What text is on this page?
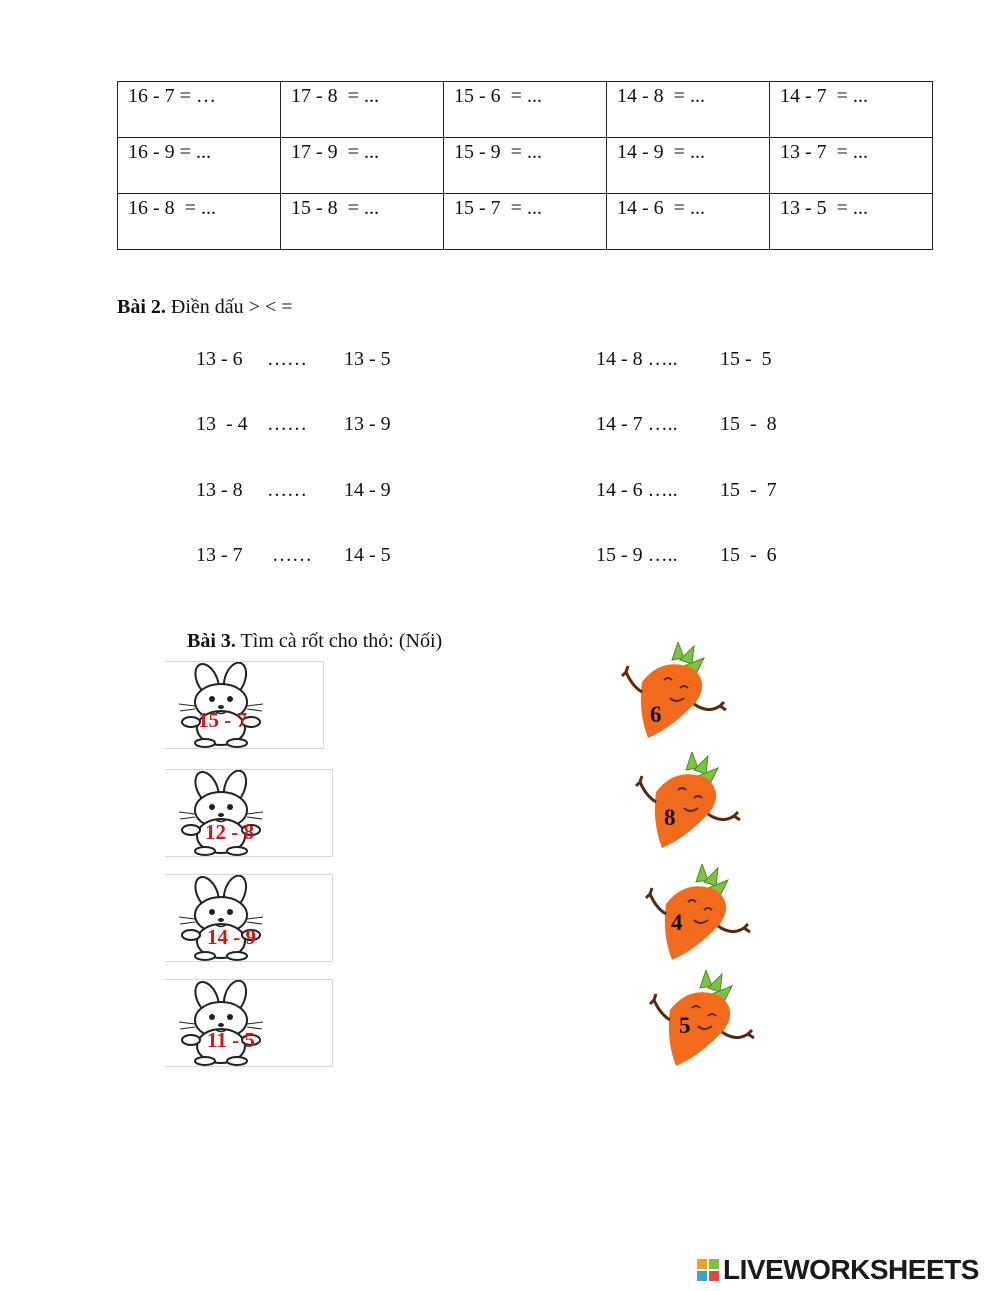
16 - 7 = …	17 - 8  = ...	15 - 6  = ...	14 - 8  = ...	14 - 7  = ...
16 - 9 = ...	17 - 9  = ...	15 - 9  = ...	14 - 9  = ...	13 - 7  = ...
16 - 8  = ...	15 - 8  = ...	15 - 7  = ...	14 - 6  = ...	13 - 5  = ...
Bài 2. Điền dấu > < =
13 - 6 …… 13 - 5
13  - 4 …… 13 - 9
13 - 8 …… 14 - 9
13 - 7 …… 14 - 5
14 - 8 ….. 15 -  5
14 - 7 ….. 15  -  8
14 - 6 ….. 15  -  7
15 - 9 ….. 15  -  6
Bài 3. Tìm cà rốt cho thỏ: (Nối)
15 - 7
12 - 8
14 - 9
11 - 5
6
8
4
5
LIVEWORKSHEETS
